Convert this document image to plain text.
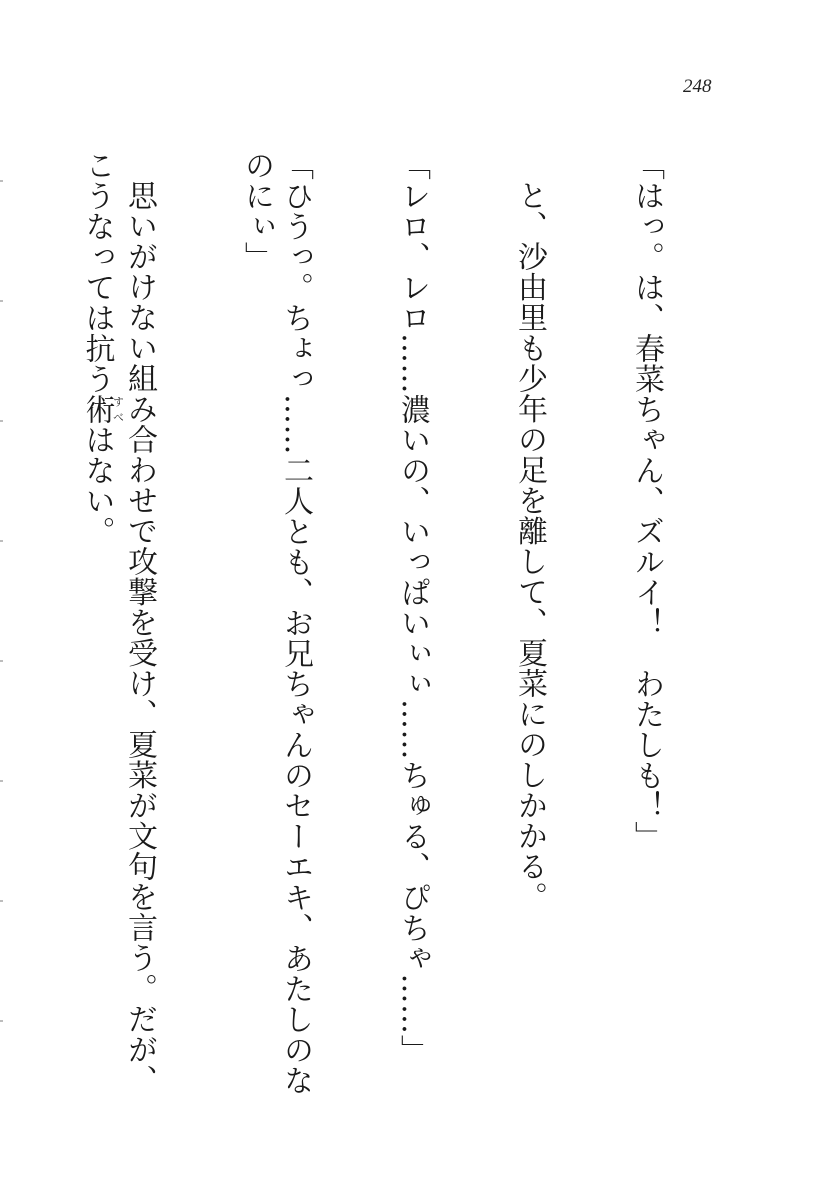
248

「はっ。は、春菜ちゃん、ズルイ！　わたしも！」

と、沙由里も少年の足を離して、夏菜にのしかかる。

「レロ、レロ……濃いの、いっぱいぃぃ……ちゅる、ぴちゃ……」

「ひうっ。ちょっ……二人とも、お兄ちゃんのセーエキ、あたしのなのにぃ」

思いがけない組み合わせで攻撃を受け、夏菜が文句を言う。だが、こうなっては抗う術すべはない。
